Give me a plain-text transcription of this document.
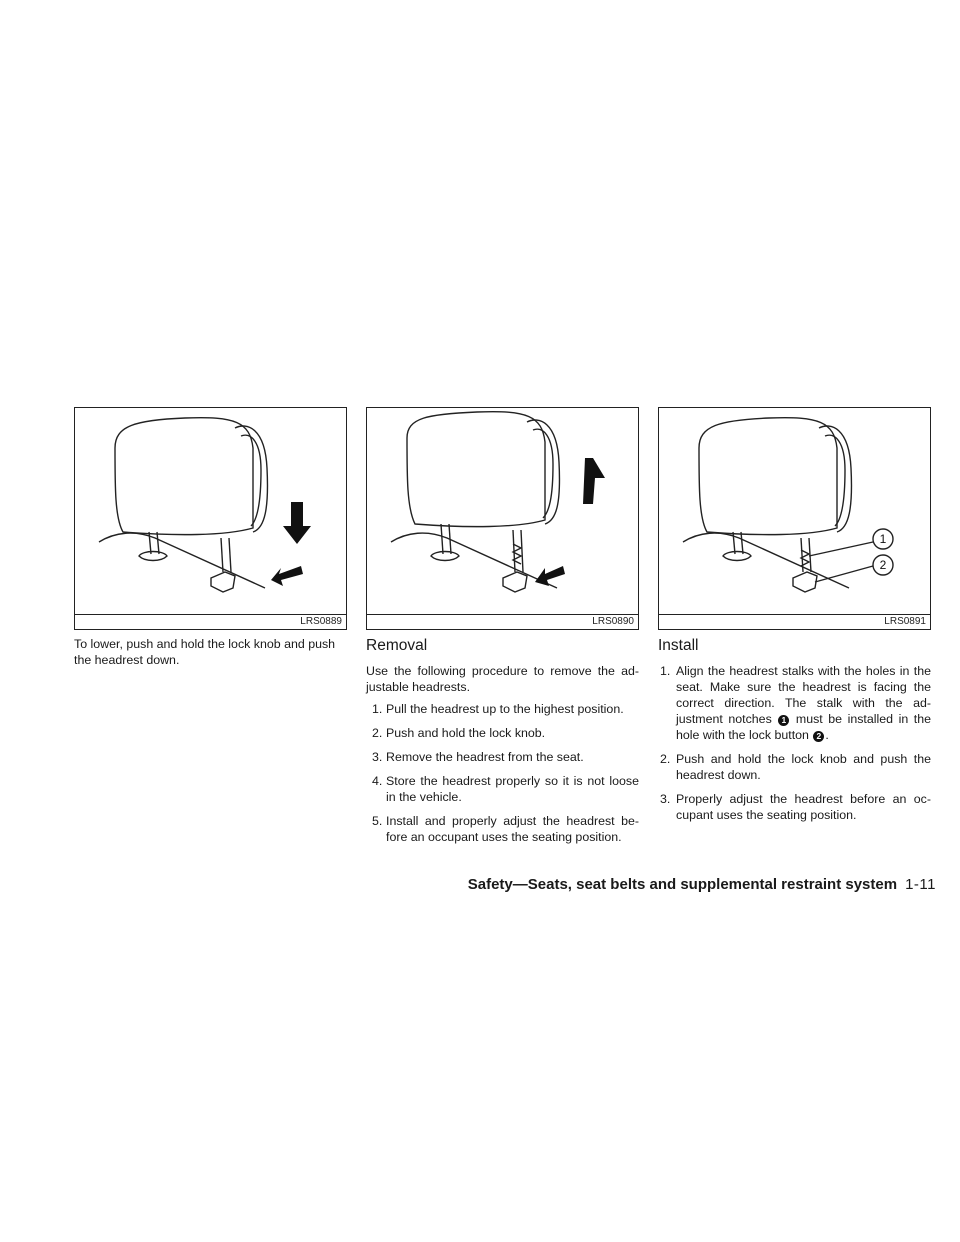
LRS0889

To lower, push and hold the lock knob and push the headrest down.

LRS0890
Removal

Use the following procedure to remove the ad- justable headrests.

1. Pull the headrest up to the highest position.
2. Push and hold the lock knob.
3. Remove the headrest from the seat.
4. Store the headrest properly so it is not loose in the vehicle.
5. Install and properly adjust the headrest be- fore an occupant uses the seating position.
1
2
LRS0891
Install
1. Align the headrest stalks with the holes in the seat. Make sure the headrest is facing the correct direction. The stalk with the ad- justment notches 1 must be installed in the hole with the lock button 2 .
2. Push and hold the lock knob and push the headrest down.
3. Properly adjust the headrest before an oc- cupant uses the seating position.
Safety—Seats, seat belts and supplemental restraint system 1-11
